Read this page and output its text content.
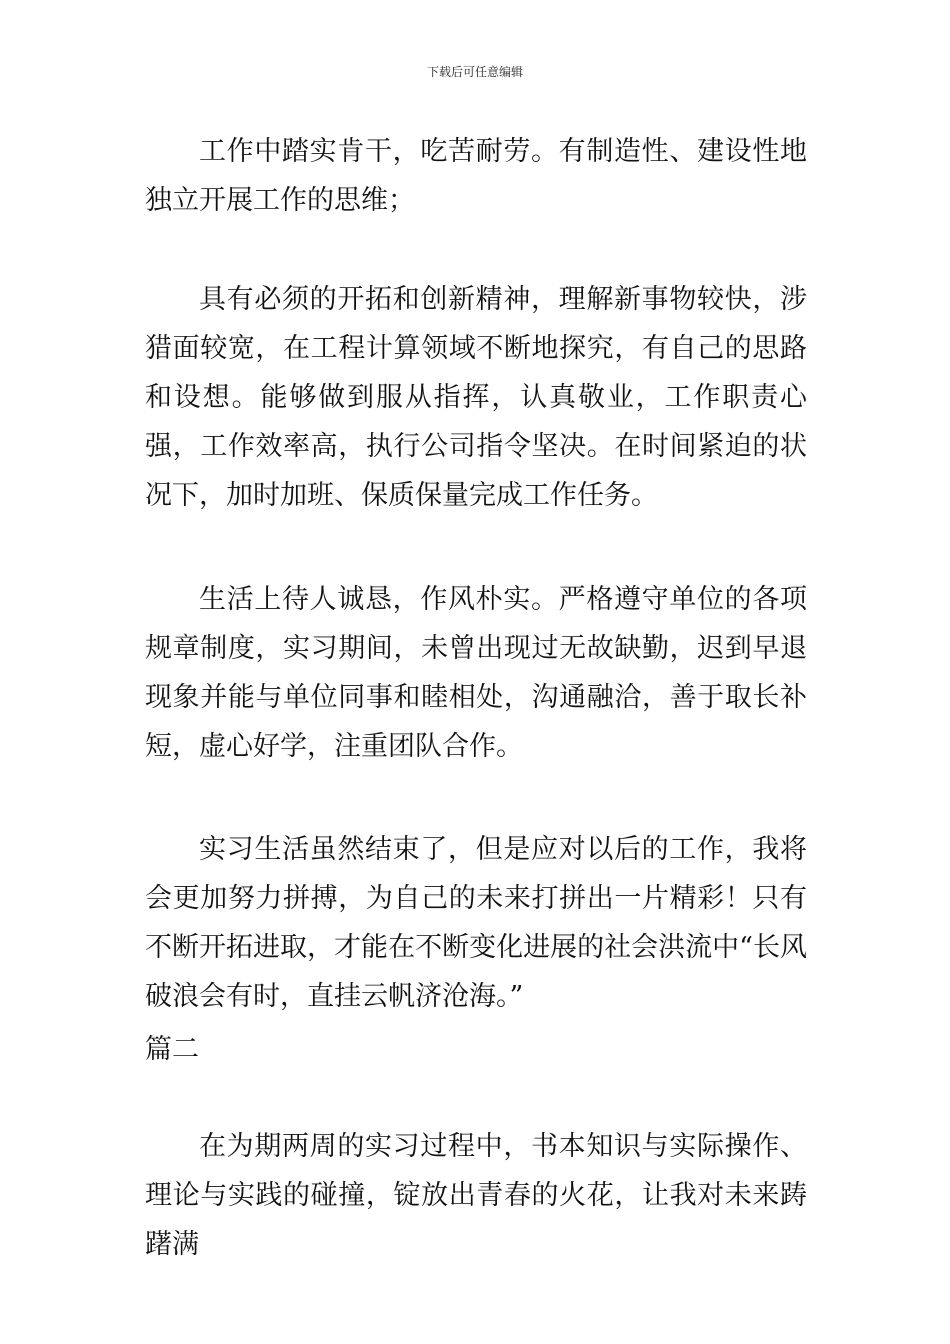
下载后可任意编辑

工作中踏实肯干，吃苦耐劳。有制造性、建设性地独立开展工作的思维；

具有必须的开拓和创新精神，理解新事物较快，涉猎面较宽，在工程计算领域不断地探究，有自己的思路和设想。能够做到服从指挥，认真敬业，工作职责心强，工作效率高，执行公司指令坚决。在时间紧迫的状况下，加时加班、保质保量完成工作任务。

生活上待人诚恳，作风朴实。严格遵守单位的各项规章制度，实习期间，未曾出现过无故缺勤，迟到早退现象并能与单位同事和睦相处，沟通融洽，善于取长补短，虚心好学，注重团队合作。

实习生活虽然结束了，但是应对以后的工作，我将会更加努力拼搏，为自己的未来打拼出一片精彩！只有不断开拓进取，才能在不断变化进展的社会洪流中“长风破浪会有时，直挂云帆济沧海。”

篇二

在为期两周的实习过程中，书本知识与实际操作、理论与实践的碰撞，锭放出青春的火花，让我对未来踌躇满
